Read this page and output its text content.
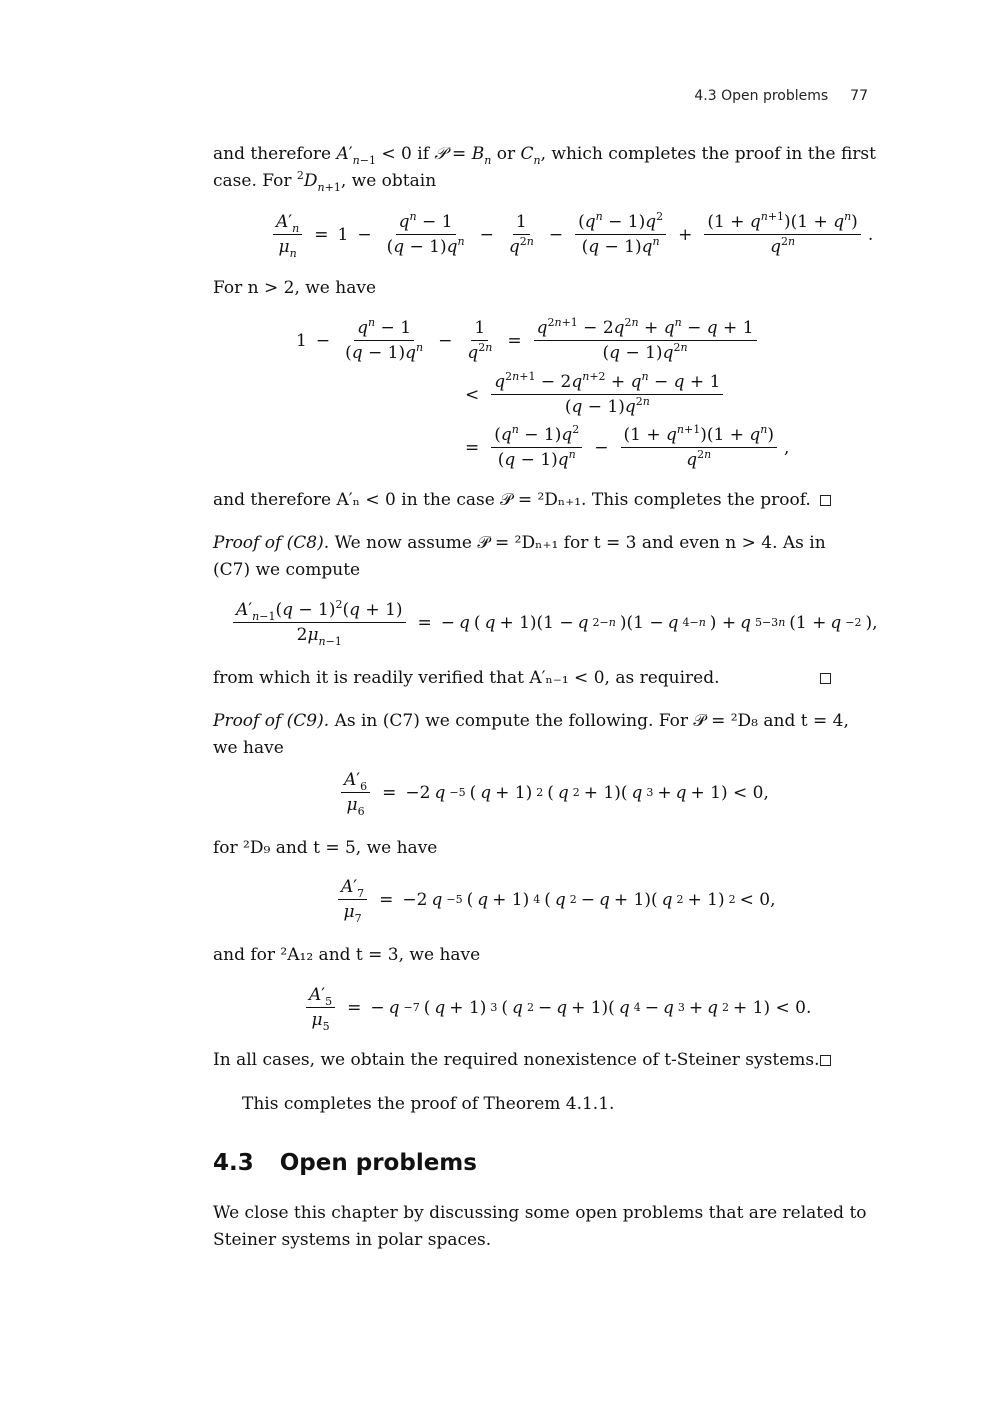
4.3 Open problems 77
and therefore $A'_{n-1} < 0$ if 𝒫 = $B_n$ or $C_n$, which completes the proof in the first
case. For $^2D_{n+1}$, we obtain
$\frac{A'_n}{\mu_n} = 1 - \frac{q^n - 1}{(q - 1)q^n} - \frac{1}{q^{2n}} - \frac{(q^n - 1)q^2}{(q - 1)q^n} + \frac{(1 + q^{n+1})(1 + q^n)}{q^{2n}}$ .
For n > 2, we have
$1 - \frac{q^n - 1}{(q - 1)q^n} - \frac{1}{q^{2n}} = \frac{q^{2n+1} - 2q^{2n} + q^n - q + 1}{(q - 1)q^{2n}}$
< $\frac{q^{2n+1} - 2q^{n+2} + q^n - q + 1}{(q - 1)q^{2n}}$
= $\frac{(q^n - 1)q^2}{(q - 1)q^n} - \frac{(1 + q^{n+1})(1 + q^n)}{q^{2n}}$ ,
and therefore A′ₙ < 0 in the case 𝒫 = ²Dₙ₊₁. This completes the proof.
Proof of (C8). We now assume 𝒫 = ²Dₙ₊₁ for t = 3 and even n > 4. As in
(C7) we compute
$\frac{A'_{n-1}(q - 1)^2(q + 1)}{2\mu_{n-1}}$ = − q ( q + 1)(1 − q 2−n )(1 − q 4−n ) + q 5−3n (1 + q −2 ),
from which it is readily verified that A′ₙ₋₁ < 0, as required.
Proof of (C9). As in (C7) we compute the following. For 𝒫 = ²D₈ and t = 4,
we have
$\frac{A'_6}{\mu_6} = -2$ q −5 ( q + 1) 2 ( q 2 + 1)( q 3 + q + 1) < 0,
for ²D₉ and t = 5, we have
$\frac{A'_7}{\mu_7} = -2$ q −5 ( q + 1) 4 ( q 2 − q + 1)( q 2 + 1) 2 < 0,
and for ²A₁₂ and t = 3, we have
$\frac{A'_5}{\mu_5}$ = − q −7 ( q + 1) 3 ( q 2 − q + 1)( q 4 − q 3 + q 2 + 1) < 0.
In all cases, we obtain the required nonexistence of t-Steiner systems.
This completes the proof of Theorem 4.1.1.
4.3 Open problems
We close this chapter by discussing some open problems that are related to
Steiner systems in polar spaces.
